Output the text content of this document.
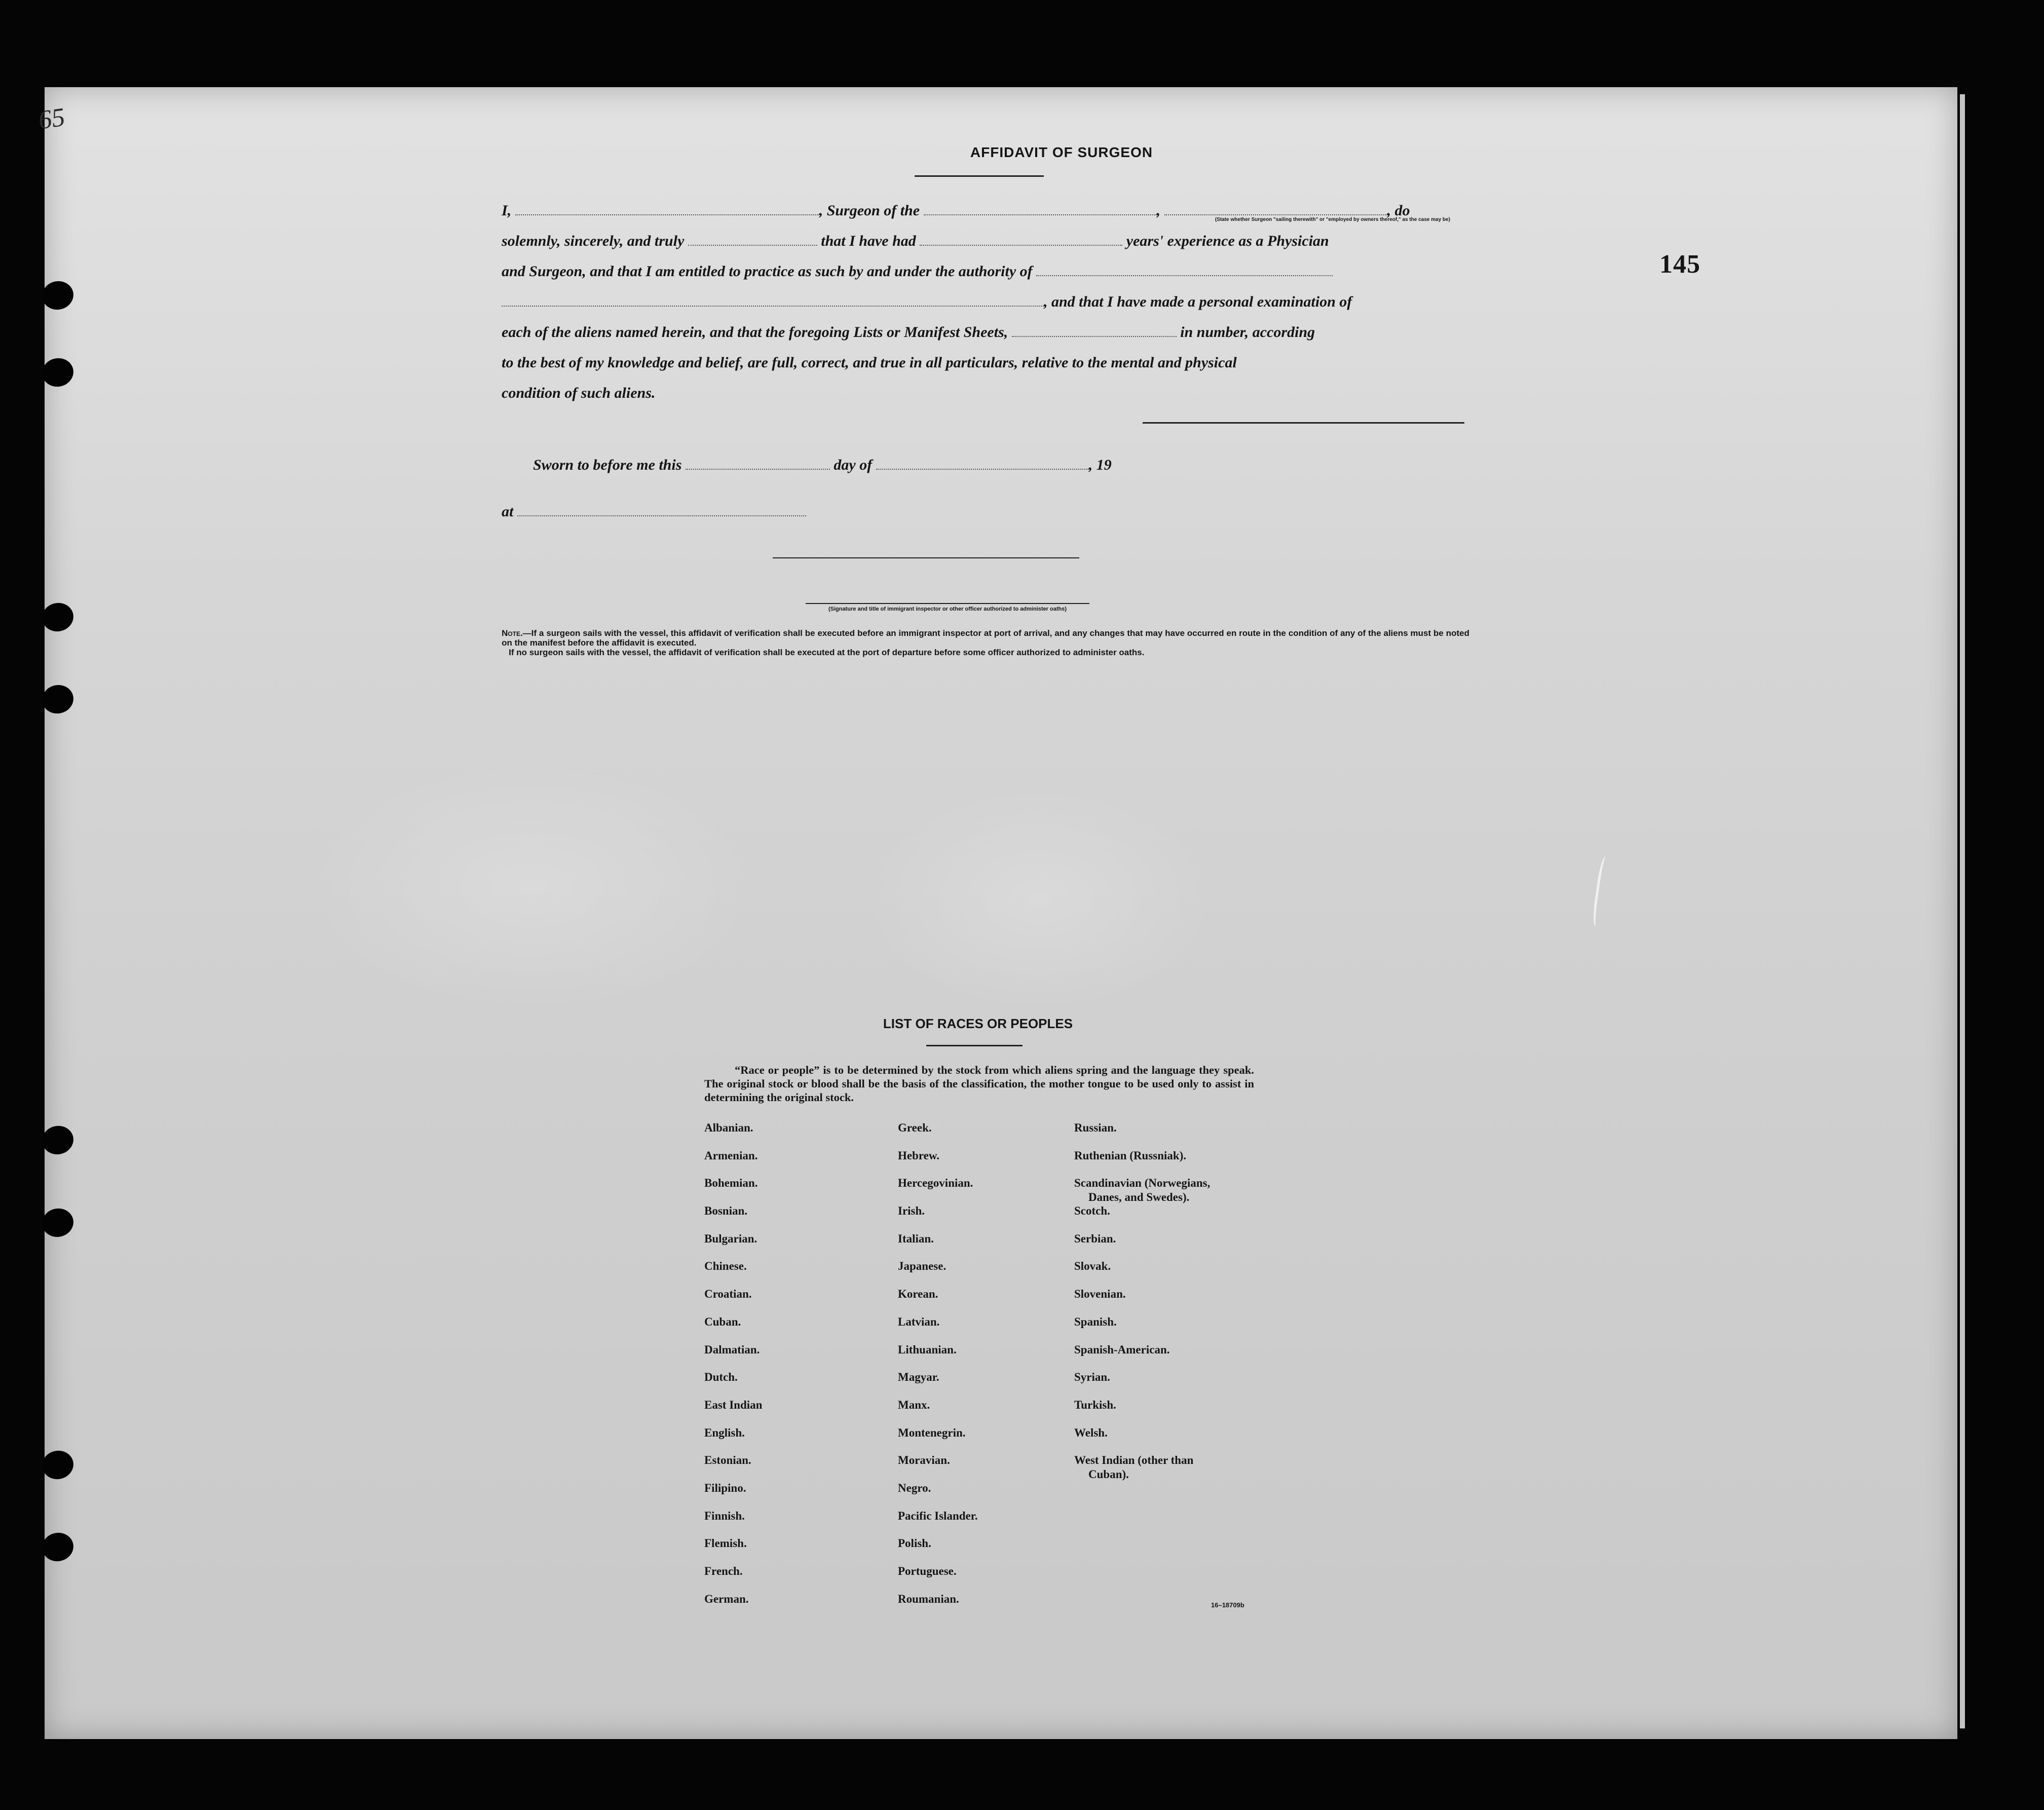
65
145
AFFIDAVIT OF SURGEON
I,	, Surgeon of the	,	, do
(State whether Surgeon "sailing therewith" or "employed by owners thereof," as the case may be)
solemnly, sincerely, and truly	that I have had	years' experience as a Physician
and Surgeon, and that I am entitled to practice as such by and under the authority of
, and that I have made a personal examination of
each of the aliens named herein, and that the foregoing Lists or Manifest Sheets,	in number, according
to the best of my knowledge and belief, are full, correct, and true in all particulars, relative to the mental and physical
condition of such aliens.
Sworn to before me this	day of	, 19
at
(Signature and title of immigrant inspector or other officer authorized to administer oaths)

Note.—If a surgeon sails with the vessel, this affidavit of verification shall be executed before an immigrant inspector at port of arrival, and any changes that may have occurred en route in the condition of any of the aliens must be noted on the manifest before the affidavit is executed.

If no surgeon sails with the vessel, the affidavit of verification shall be executed at the port of departure before some officer authorized to administer oaths.

LIST OF RACES OR PEOPLES
“Race or people” is to be determined by the stock from which aliens spring and the language they speak. The original stock or blood shall be the basis of the classification, the mother tongue to be used only to assist in determining the original stock.
Albanian.
Armenian.
Bohemian.
Bosnian.
Bulgarian.
Chinese.
Croatian.
Cuban.
Dalmatian.
Dutch.
East Indian
English.
Estonian.
Filipino.
Finnish.
Flemish.
French.
German.
Greek.
Hebrew.
Hercegovinian.
Irish.
Italian.
Japanese.
Korean.
Latvian.
Lithuanian.
Magyar.
Manx.
Montenegrin.
Moravian.
Negro.
Pacific Islander.
Polish.
Portuguese.
Roumanian.
Russian.
Ruthenian (Russniak).
Scandinavian (Norwegians,
Danes, and Swedes).
Scotch.
Serbian.
Slovak.
Slovenian.
Spanish.
Spanish-American.
Syrian.
Turkish.
Welsh.
West Indian (other than
Cuban).
16–18709b
